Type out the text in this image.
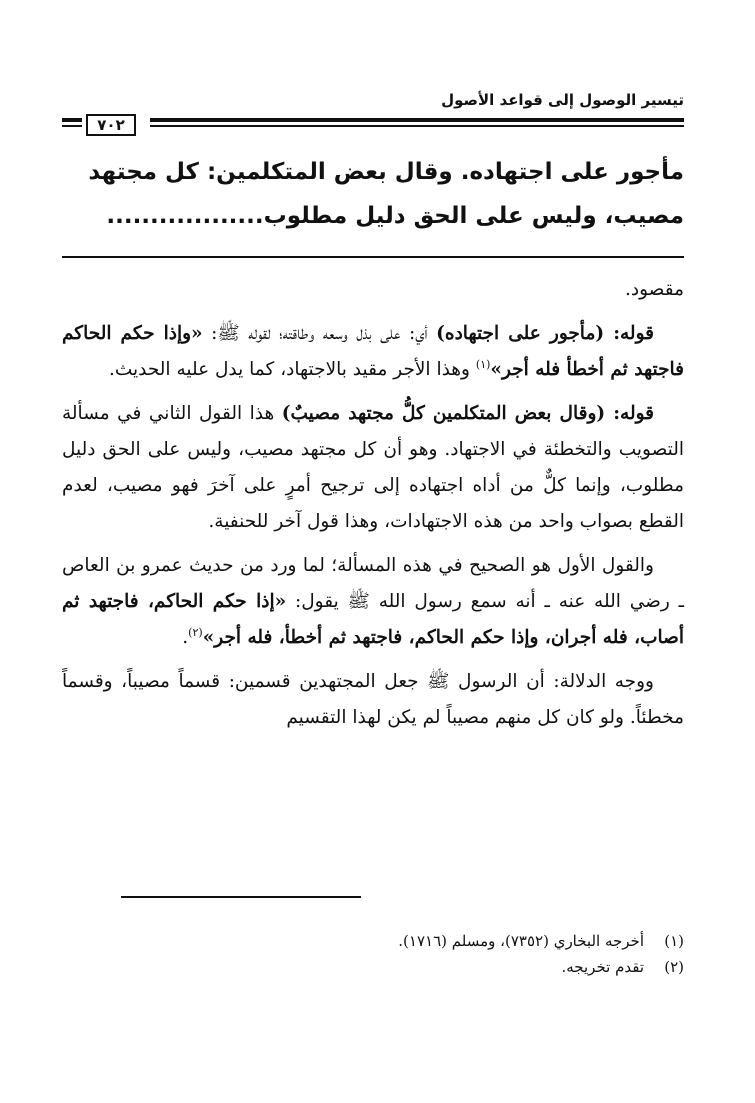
تيسير الوصول إلى قواعد الأصول
٧٠٢
مأجور على اجتهاده. وقال بعض المتكلمين: كل مجتهد
مصيب، وليس على الحق دليل مطلوب..................

مقصود.

قوله: (مأجور على اجتهاده) أي: على بذل وسعه وطاقته؛ لقوله ﷺ: «وإذا حكم الحاكم فاجتهد ثم أخطأ فله أجر»$^{(١)}$ وهذا الأجر مقيد بالاجتهاد، كما يدل عليه الحديث.

قوله: (وقال بعض المتكلمين كلُّ مجتهد مصيبٌ) هذا القول الثاني في مسألة التصويب والتخطئة في الاجتهاد. وهو أن كل مجتهد مصيب، وليس على الحق دليل مطلوب، وإنما كلٌّ من أداه اجتهاده إلى ترجيح أمرٍ على آخرَ فهو مصيب، لعدم القطع بصواب واحد من هذه الاجتهادات، وهذا قول آخر للحنفية.

والقول الأول هو الصحيح في هذه المسألة؛ لما ورد من حديث عمرو بن العاص ـ رضي الله عنه ـ أنه سمع رسول الله ﷺ يقول: «إذا حكم الحاكم، فاجتهد ثم أصاب، فله أجران، وإذا حكم الحاكم، فاجتهد ثم أخطأ، فله أجر»$^{(٢)}$.

ووجه الدلالة: أن الرسول ﷺ جعل المجتهدين قسمين: قسماً مصيباً، وقسماً مخطئاً. ولو كان كل منهم مصيباً لم يكن لهذا التقسيم

(١)
أخرجه البخاري (٧٣٥٢)، ومسلم (١٧١٦).
(٢)
تقدم تخريجه.
